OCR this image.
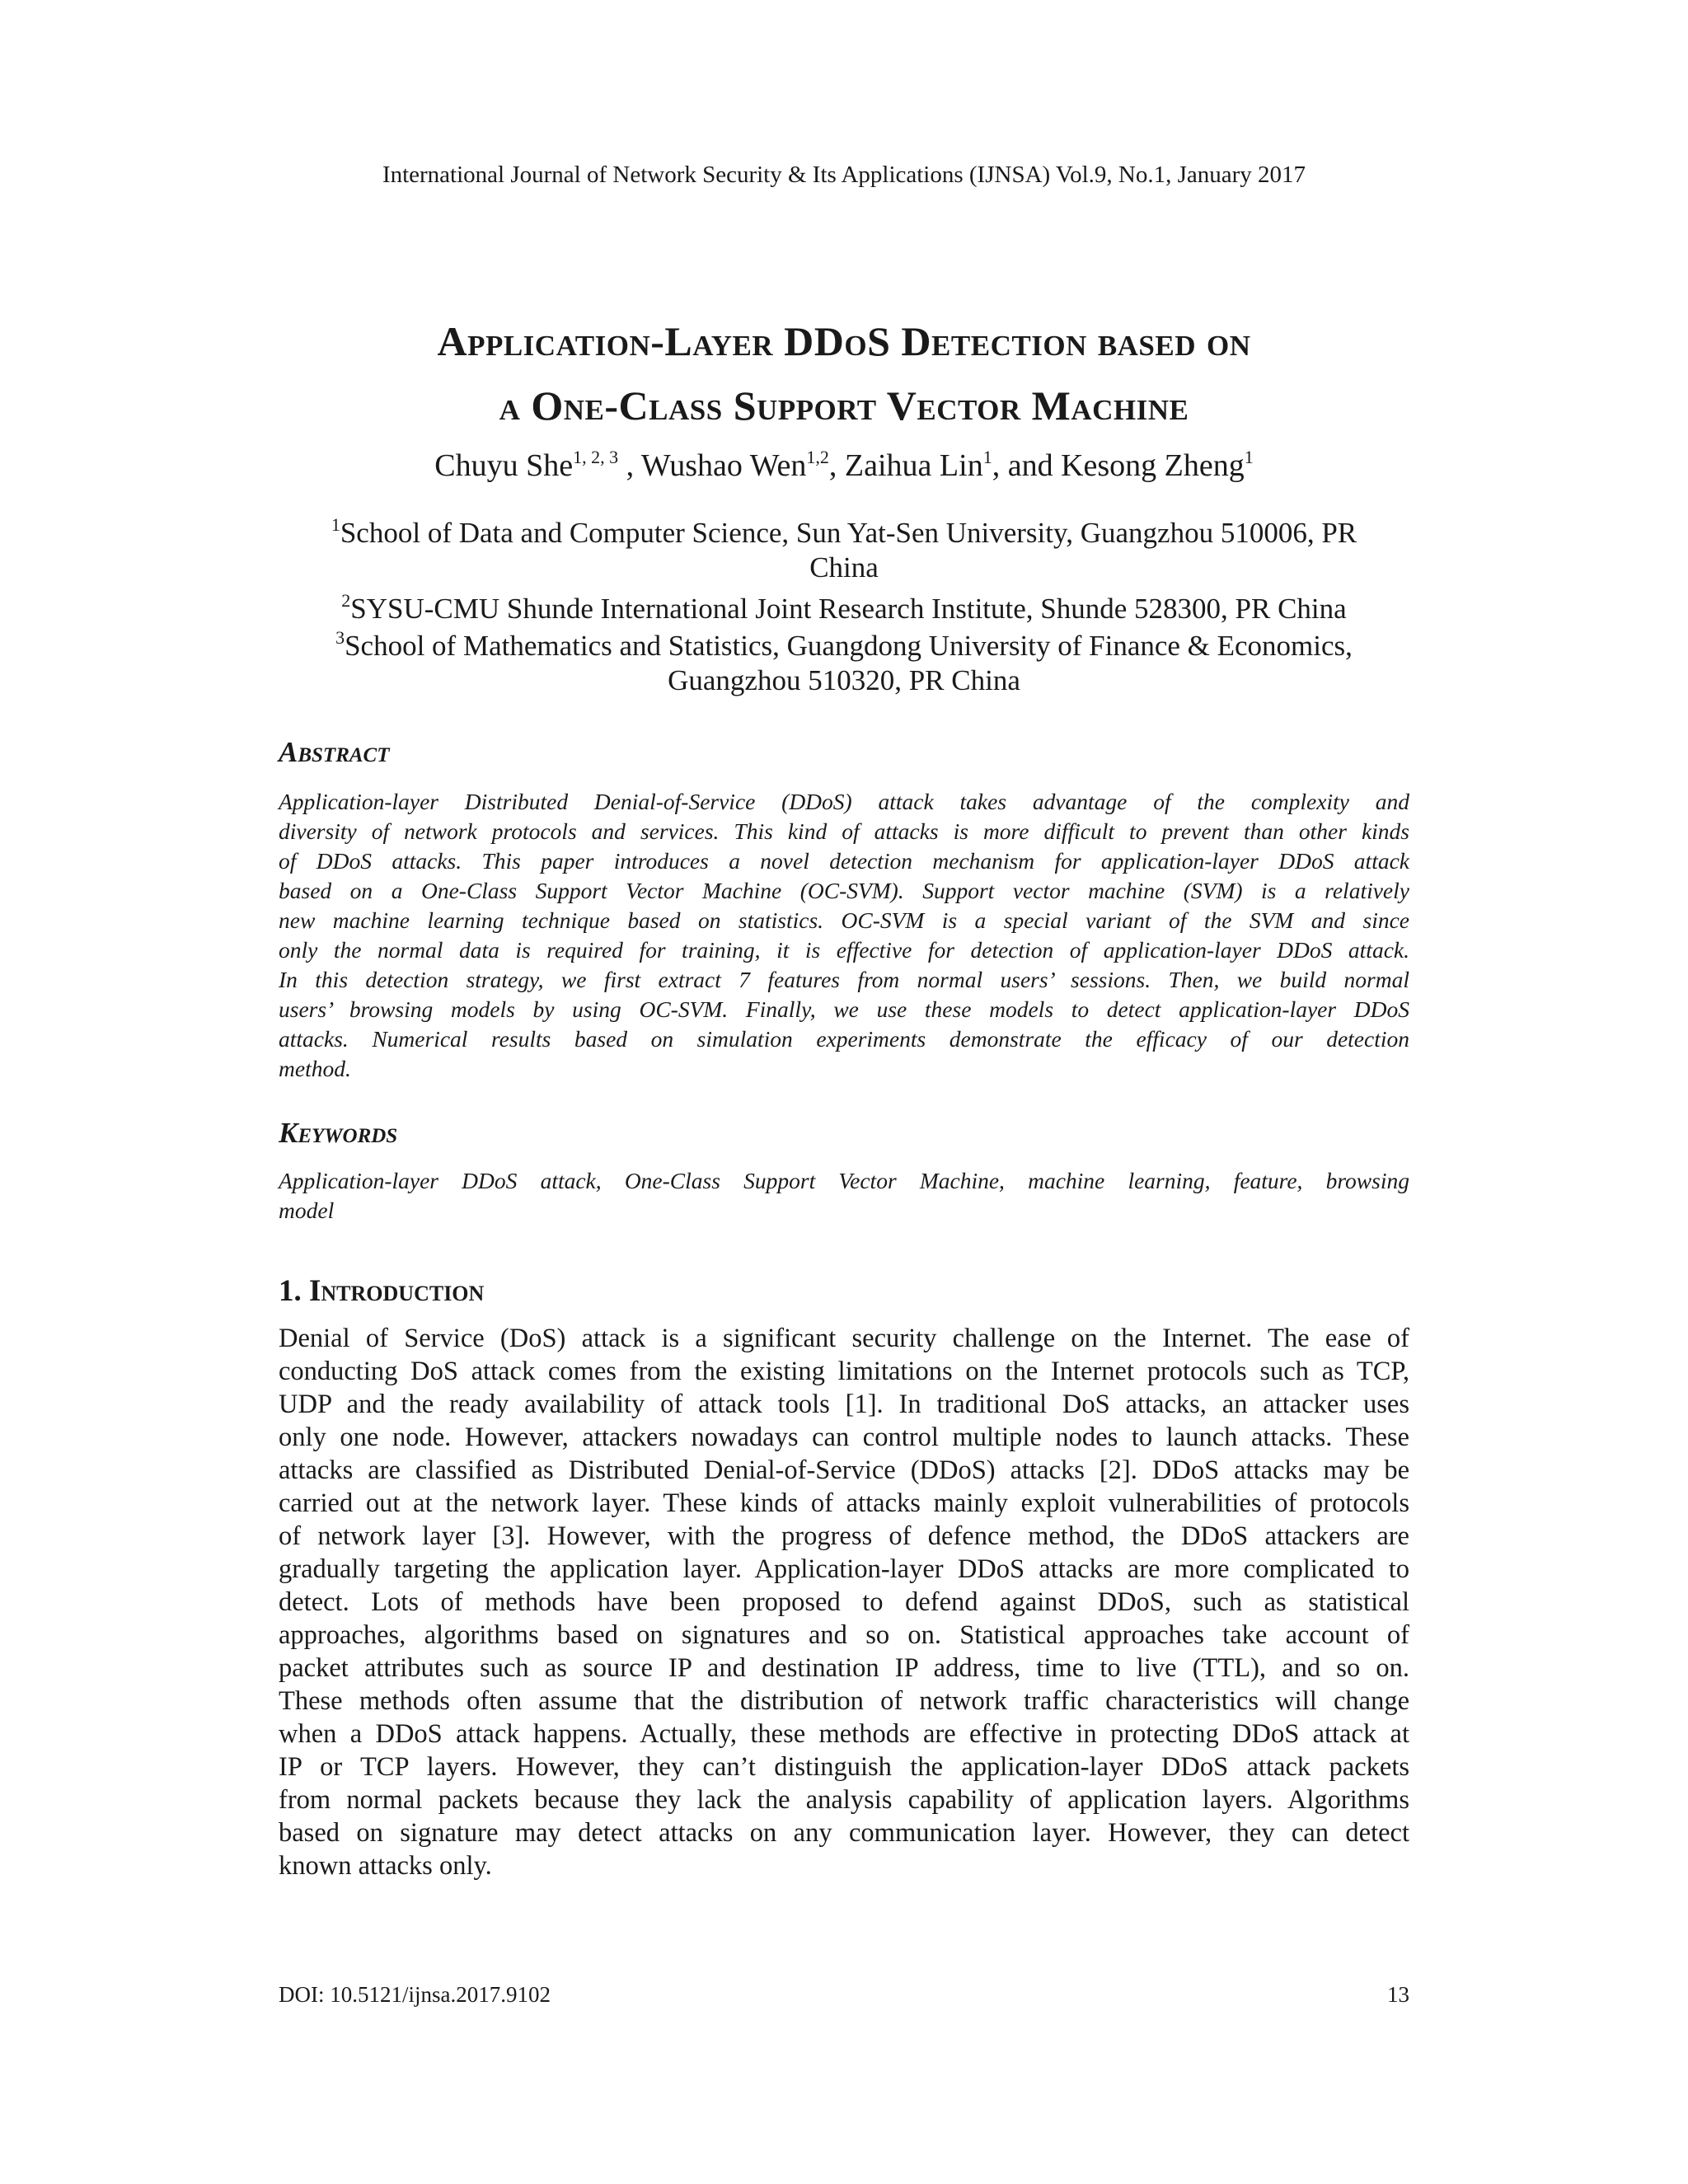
International Journal of Network Security & Its Applications (IJNSA) Vol.9, No.1, January 2017
Application-Layer DDoS Detection based on
a One-Class Support Vector Machine
Chuyu She$^{1, 2, 3}$ , Wushao Wen$^{1,2}$, Zaihua Lin$^1$, and Kesong Zheng$^1$
$^1$School of Data and Computer Science, Sun Yat-Sen University, Guangzhou 510006, PR
China
$^2$SYSU-CMU Shunde International Joint Research Institute, Shunde 528300, PR China
$^3$School of Mathematics and Statistics, Guangdong University of Finance & Economics,
Guangzhou 510320, PR China
Abstract
Application-layer Distributed Denial-of-Service (DDoS) attack takes advantage of the complexity and
diversity of network protocols and services. This kind of attacks is more difficult to prevent than other kinds
of DDoS attacks. This paper introduces a novel detection mechanism for application-layer DDoS attack
based on a One-Class Support Vector Machine (OC-SVM). Support vector machine (SVM) is a relatively
new machine learning technique based on statistics. OC-SVM is a special variant of the SVM and since
only the normal data is required for training, it is effective for detection of application-layer DDoS attack.
In this detection strategy, we first extract 7 features from normal users’ sessions. Then, we build normal
users’ browsing models by using OC-SVM. Finally, we use these models to detect application-layer DDoS
attacks. Numerical results based on simulation experiments demonstrate the efficacy of our detection
method.
Keywords
Application-layer DDoS attack, One-Class Support Vector Machine, machine learning, feature, browsing
model
1. Introduction
Denial of Service (DoS) attack is a significant security challenge on the Internet. The ease of
conducting DoS attack comes from the existing limitations on the Internet protocols such as TCP,
UDP and the ready availability of attack tools [1]. In traditional DoS attacks, an attacker uses
only one node. However, attackers nowadays can control multiple nodes to launch attacks. These
attacks are classified as Distributed Denial-of-Service (DDoS) attacks [2]. DDoS attacks may be
carried out at the network layer. These kinds of attacks mainly exploit vulnerabilities of protocols
of network layer [3]. However, with the progress of defence method, the DDoS attackers are
gradually targeting the application layer. Application-layer DDoS attacks are more complicated to
detect. Lots of methods have been proposed to defend against DDoS, such as statistical
approaches, algorithms based on signatures and so on. Statistical approaches take account of
packet attributes such as source IP and destination IP address, time to live (TTL), and so on.
These methods often assume that the distribution of network traffic characteristics will change
when a DDoS attack happens. Actually, these methods are effective in protecting DDoS attack at
IP or TCP layers. However, they can’t distinguish the application-layer DDoS attack packets
from normal packets because they lack the analysis capability of application layers. Algorithms
based on signature may detect attacks on any communication layer. However, they can detect
known attacks only.
DOI: 10.5121/ijnsa.2017.9102	13
